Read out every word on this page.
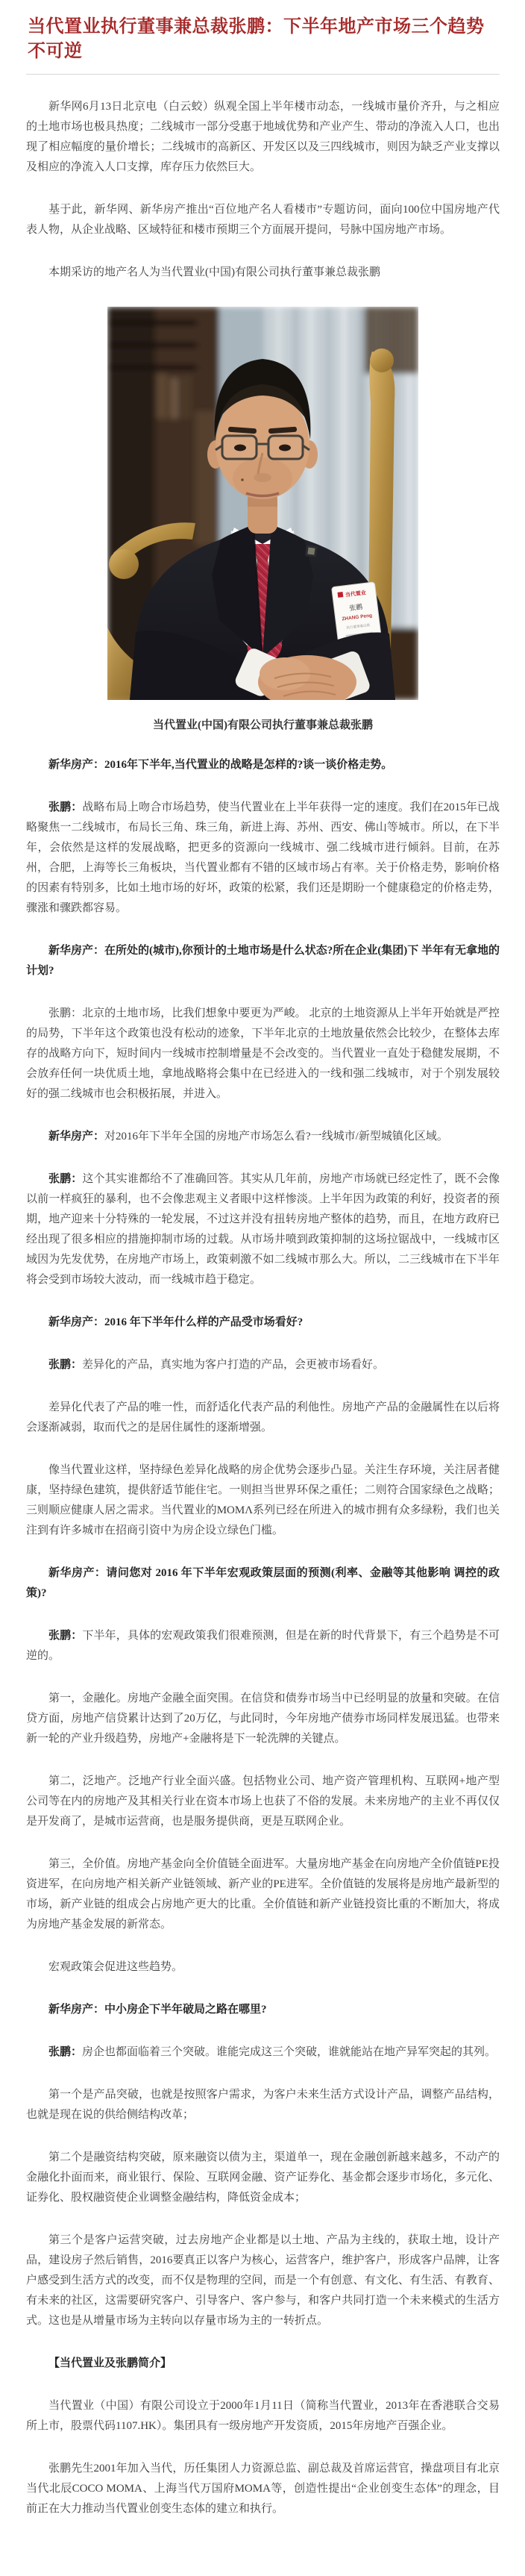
当代置业执行董事兼总裁张鹏：下半年地产市场三个趋势不可逆

新华网6月13日北京电（白云蛟）纵观全国上半年楼市动态，一线城市量价齐升，与之相应的土地市场也极具热度；二线城市一部分受惠于地域优势和产业产生、带动的净流入人口，也出现了相应幅度的量价增长；二线城市的高新区、开发区以及三四线城市，则因为缺乏产业支撑以及相应的净流入人口支撑，库存压力依然巨大。

基于此，新华网、新华房产推出“百位地产名人看楼市”专题访问，面向100位中国房地产代表人物，从企业战略、区域特征和楼市预期三个方面展开提问，号脉中国房地产市场。

本期采访的地产名人为当代置业(中国)有限公司执行董事兼总裁张鹏

当代置业
张鹏
ZHANG Peng
执行董事兼总裁
当代置业(中国)有限公司执行董事兼总裁张鹏

新华房产：2016年下半年,当代置业的战略是怎样的?谈一谈价格走势。

张鹏：战略布局上吻合市场趋势，使当代置业在上半年获得一定的速度。我们在2015年已战略聚焦一二线城市，布局长三角、珠三角，新进上海、苏州、西安、佛山等城市。所以，在下半年，会依然是这样的发展战略，把更多的资源向一线城市、强二线城市进行倾斜。目前，在苏州，合肥，上海等长三角板块，当代置业都有不错的区域市场占有率。关于价格走势，影响价格的因素有特别多，比如土地市场的好坏，政策的松紧，我们还是期盼一个健康稳定的价格走势，骤涨和骤跌都容易。

新华房产：在所处的(城市),你预计的土地市场是什么状态?所在企业(集团)下 半年有无拿地的计划?

张鹏：北京的土地市场，比我们想象中要更为严峻。 北京的土地资源从上半年开始就是严控的局势，下半年这个政策也没有松动的迹象，下半年北京的土地放量依然会比较少，在整体去库存的战略方向下，短时间内一线城市控制增量是不会改变的。当代置业一直处于稳健发展期，不会放弃任何一块优质土地，拿地战略将会集中在已经进入的一线和强二线城市，对于个别发展较好的强二线城市也会积极拓展，并进入。

新华房产：对2016年下半年全国的房地产市场怎么看?一线城市/新型城镇化区域。

张鹏：这个其实谁都给不了准确回答。其实从几年前，房地产市场就已经定性了，既不会像以前一样疯狂的暴利，也不会像悲观主义者眼中这样惨淡。上半年因为政策的利好，投资者的预期，地产迎来十分特殊的一轮发展，不过这并没有扭转房地产整体的趋势，而且，在地方政府已经出现了很多相应的措施抑制市场的过载。从市场井喷到政策抑制的这场拉锯战中，一线城市区域因为先发优势，在房地产市场上，政策刺激不如二线城市那么大。所以，二三线城市在下半年将会受到市场较大波动，而一线城市趋于稳定。

新华房产：2016 年下半年什么样的产品受市场看好?

张鹏：差异化的产品，真实地为客户打造的产品，会更被市场看好。

差异化代表了产品的唯一性，而舒适化代表产品的利他性。房地产产品的金融属性在以后将会逐渐减弱，取而代之的是居住属性的逐渐增强。

像当代置业这样，坚持绿色差异化战略的房企优势会逐步凸显。关注生存环境，关注居者健康，坚持绿色建筑，提供舒适节能住宅。一则担当世界环保之重任；二则符合国家绿色之战略；三则顺应健康人居之需求。当代置业的MOMΛ系列已经在所进入的城市拥有众多绿粉，我们也关注到有许多城市在招商引资中为房企设立绿色门槛。

新华房产：请问您对 2016 年下半年宏观政策层面的预测(利率、金融等其他影响 调控的政策)?

张鹏：下半年，具体的宏观政策我们很难预测，但是在新的时代背景下，有三个趋势是不可逆的。

第一，金融化。房地产金融全面突围。在信贷和债券市场当中已经明显的放量和突破。在信贷方面，房地产信贷累计达到了20万亿，与此同时，今年房地产债券市场同样发展迅猛。也带来新一轮的产业升级趋势，房地产+金融将是下一轮洗牌的关键点。

第二，泛地产。泛地产行业全面兴盛。包括物业公司、地产资产管理机构、互联网+地产型公司等在内的房地产及其相关行业在资本市场上也获了不俗的发展。未来房地产的主业不再仅仅是开发商了，是城市运营商，也是服务提供商，更是互联网企业。

第三，全价值。房地产基金向全价值链全面进军。大量房地产基金在向房地产全价值链PE投资进军，在向房地产相关新产业链领域、新产业的PE进军。全价值链的发展将是房地产最新型的市场，新产业链的组成会占房地产更大的比重。全价值链和新产业链投资比重的不断加大，将成为房地产基金发展的新常态。

宏观政策会促进这些趋势。

新华房产：中小房企下半年破局之路在哪里?

张鹏：房企也都面临着三个突破。谁能完成这三个突破，谁就能站在地产异军突起的其列。

第一个是产品突破，也就是按照客户需求，为客户未来生活方式设计产品，调整产品结构，也就是现在说的供给侧结构改革；

第二个是融资结构突破，原来融资以债为主，渠道单一，现在金融创新越来越多，不动产的金融化扑面而来，商业银行、保险、互联网金融、资产证券化、基金都会逐步市场化，多元化、证券化、股权融资使企业调整金融结构，降低资金成本；

第三个是客户运营突破，过去房地产企业都是以土地、产品为主线的，获取土地，设计产品，建设房子然后销售，2016要真正以客户为核心，运营客户，维护客户，形成客户品牌，让客户感受到生活方式的改变，而不仅是物理的空间，而是一个有创意、有文化、有生活、有教育、有未来的社区，这需要研究客户、引导客户、客户参与，和客户共同打造一个未来模式的生活方式。这也是从增量市场为主转向以存量市场为主的一转折点。

【当代置业及张鹏简介】

当代置业（中国）有限公司设立于2000年1月11日（简称当代置业，2013年在香港联合交易所上市，股票代码1107.HK）。集团具有一级房地产开发资质，2015年房地产百强企业。

张鹏先生2001年加入当代，历任集团人力资源总监、副总裁及首席运营官，操盘项目有北京当代北辰COCO MOMA、上海当代万国府MOMA等，创造性提出“企业创变生态体”的理念，目前正在大力推动当代置业创变生态体的建立和执行。
